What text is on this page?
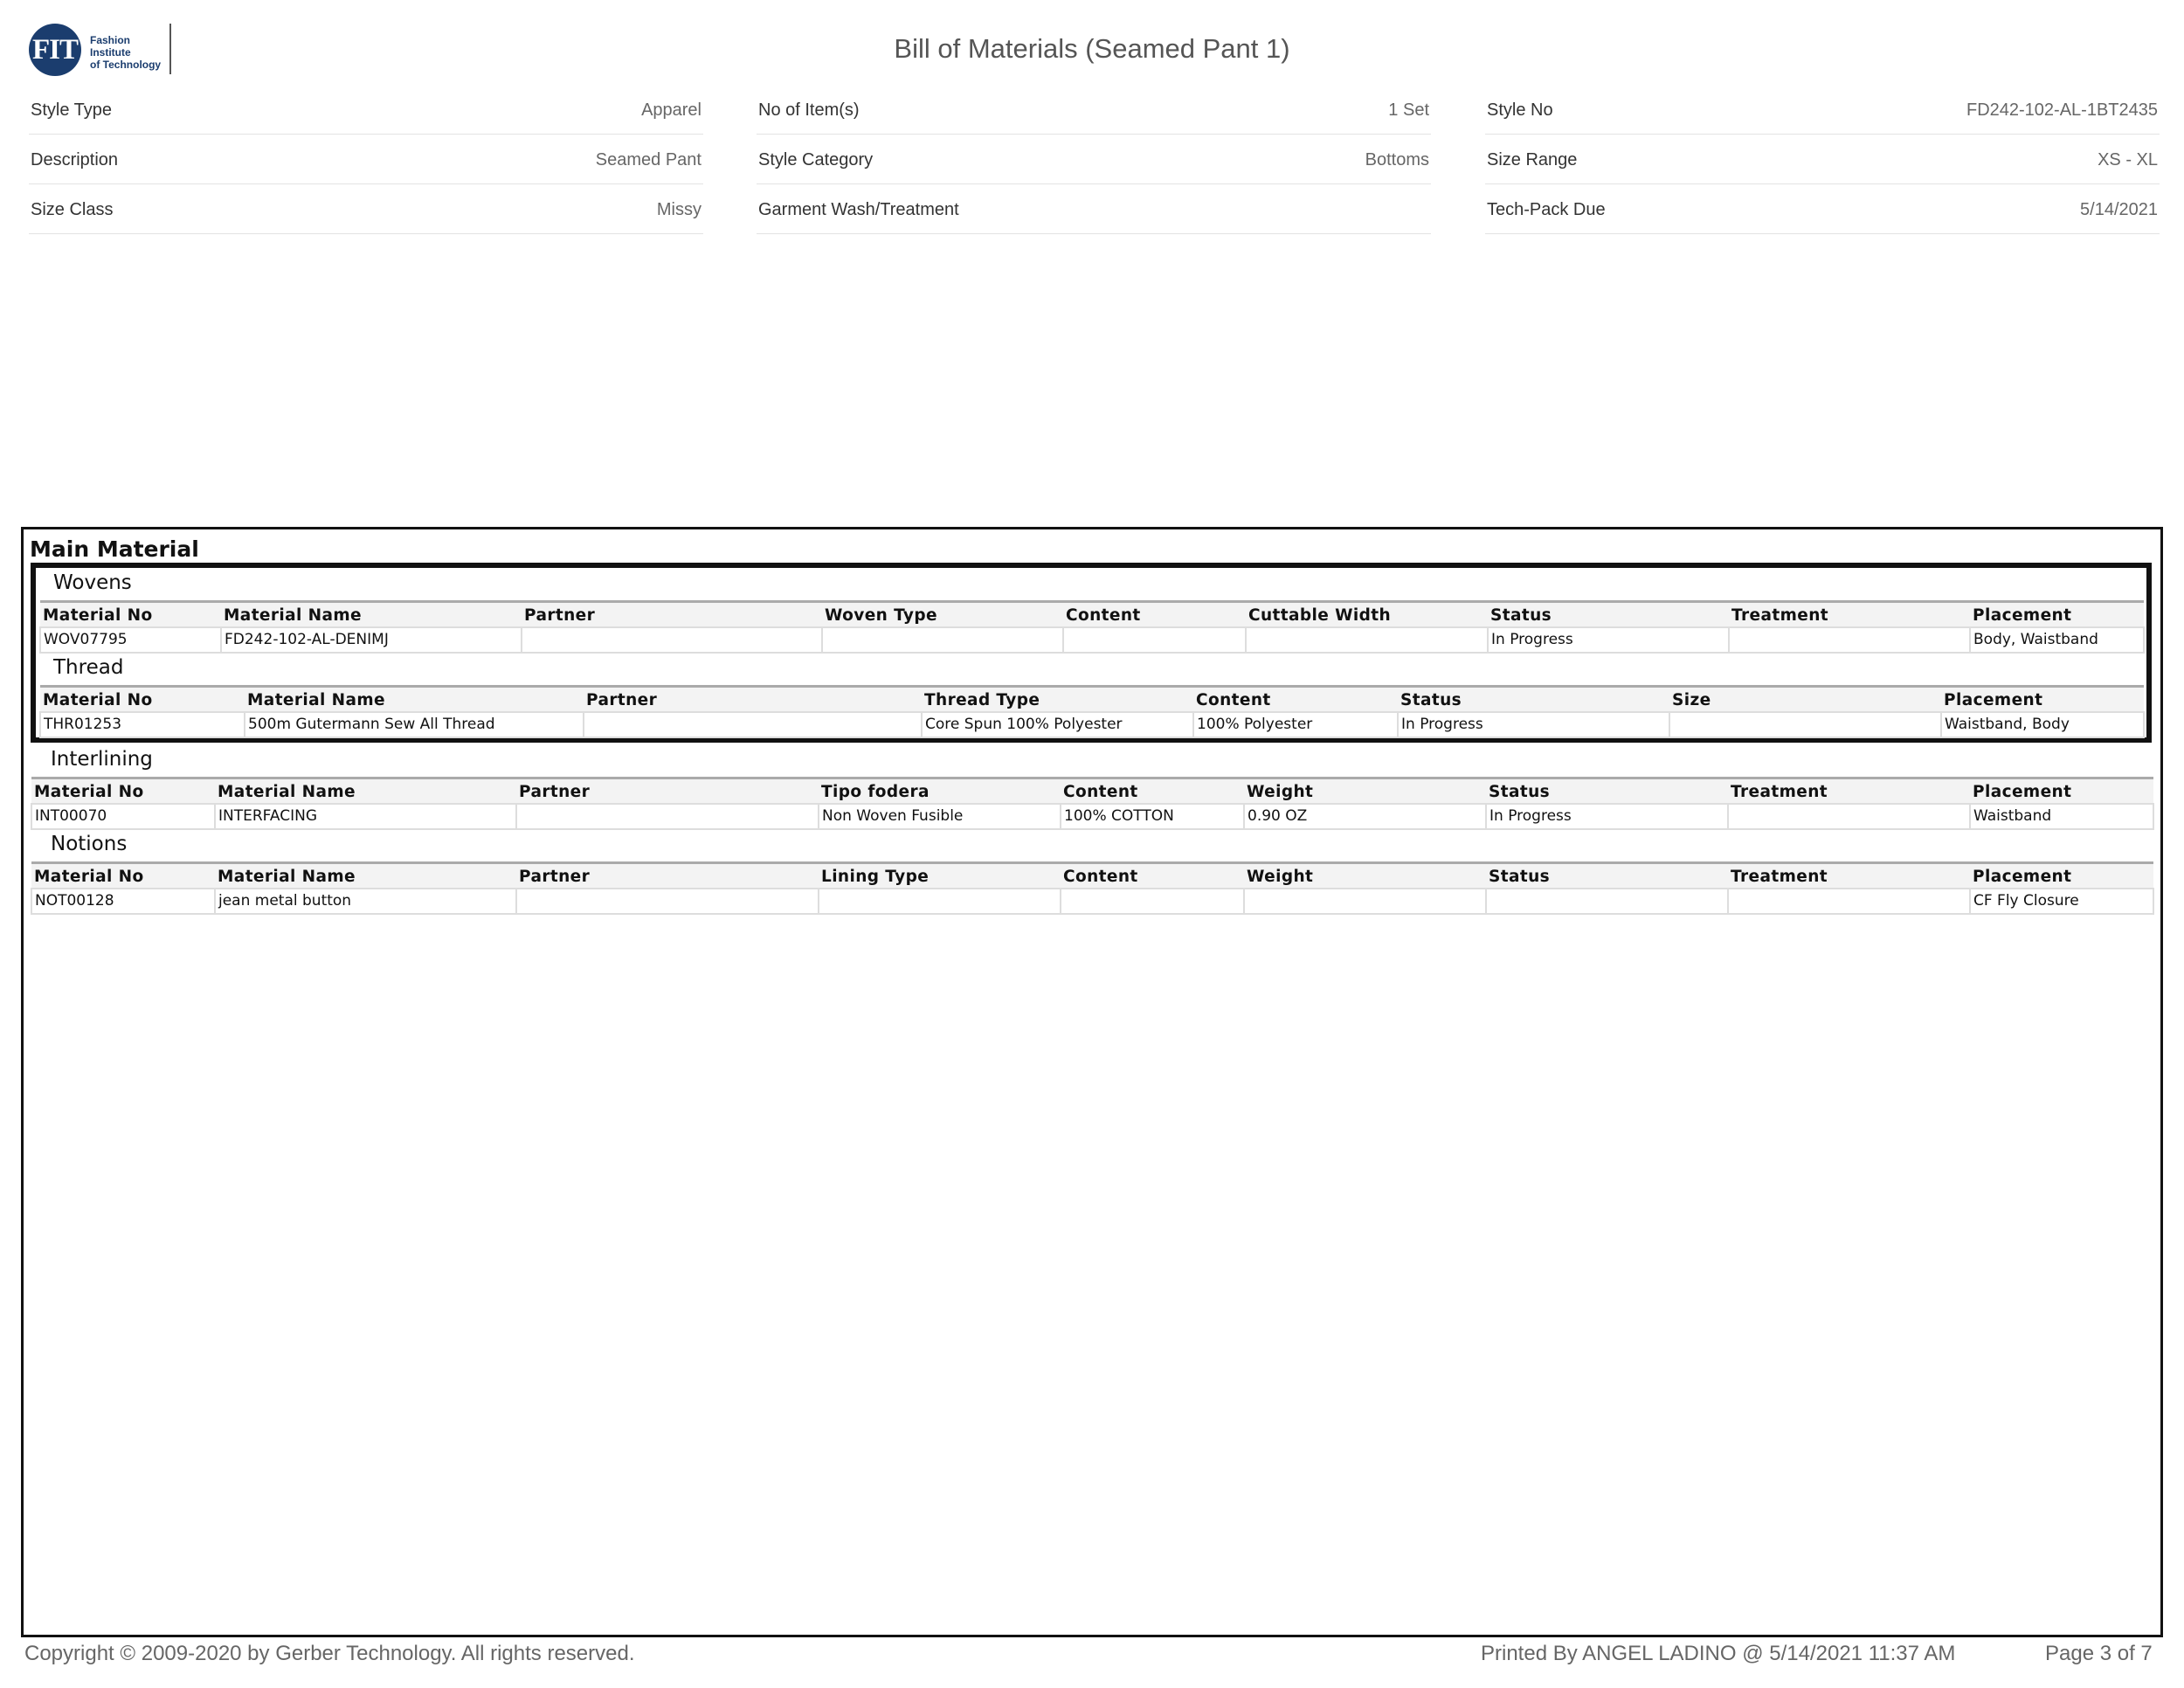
FIT	Fashion Institute
of Technology
Bill of Materials (Seamed Pant 1)
Style Type	Apparel
Description	Seamed Pant
Size Class	Missy
No of Item(s)	1 Set
Style Category	Bottoms
Garment Wash/Treatment
Style No	FD242-102-AL-1BT2435
Size Range	XS - XL
Tech-Pack Due	5/14/2021
Main Material
Wovens
Material No	Material Name	Partner	Woven Type	Content	Cuttable Width	Status	Treatment	Placement
WOV07795	FD242-102-AL-DENIMJ					In Progress		Body, Waistband
Thread
Material No	Material Name	Partner	Thread Type	Content	Status	Size	Placement
THR01253	500m Gutermann Sew All Thread		Core Spun 100% Polyester	100% Polyester	In Progress		Waistband, Body
Interlining
Material No	Material Name	Partner	Tipo fodera	Content	Weight	Status	Treatment	Placement
INT00070	INTERFACING		Non Woven Fusible	100% COTTON	0.90 OZ	In Progress		Waistband
Notions
Material No	Material Name	Partner	Lining Type	Content	Weight	Status	Treatment	Placement
NOT00128	jean metal button							CF Fly Closure
Copyright © 2009-2020 by Gerber Technology. All rights reserved.	Printed By ANGEL LADINO @ 5/14/2021 11:37 AM	Page 3 of 7
